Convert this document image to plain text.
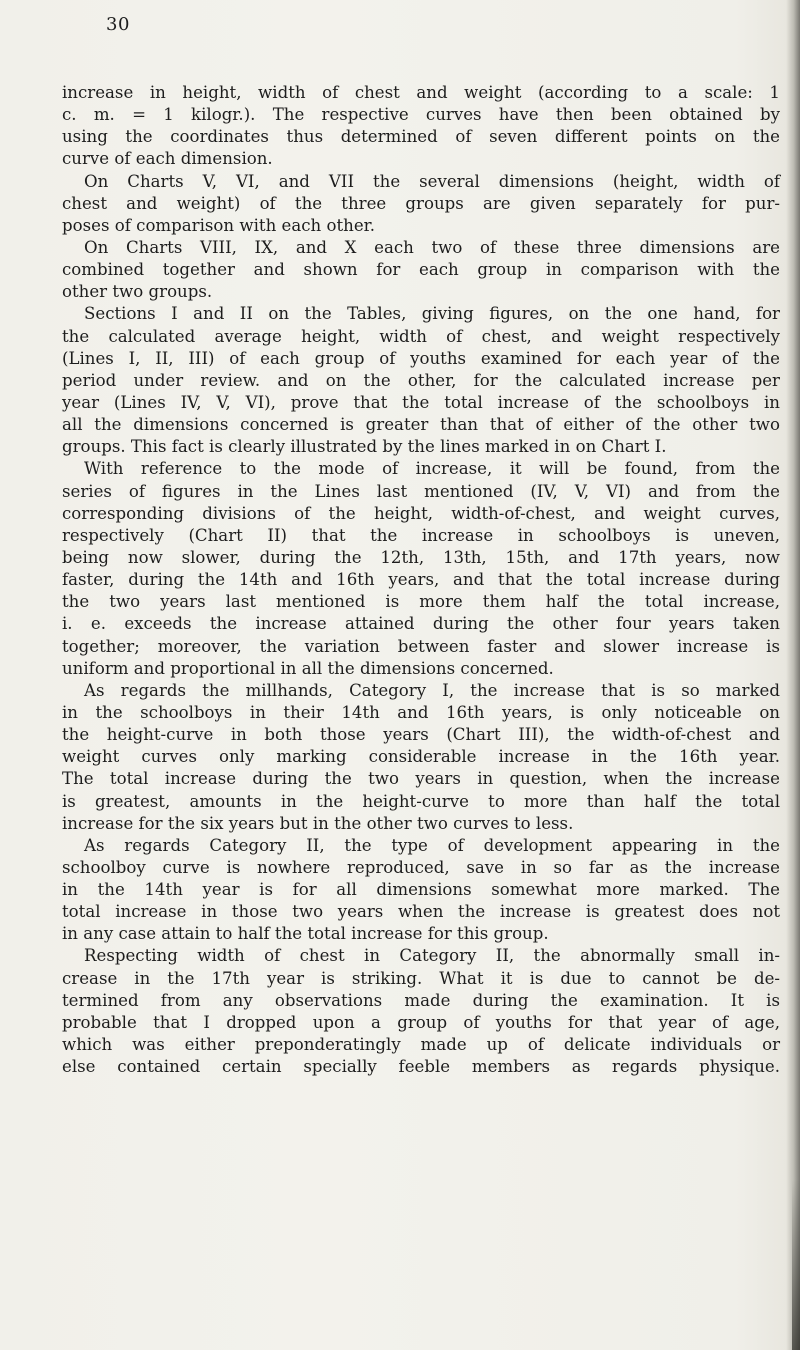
30
increase in height, width of chest and weight (according to a scale: 1
c. m. = 1 kilogr.). The respective curves have then been obtained by
using the coordinates thus determined of seven different points on the
curve of each dimension.
On Charts V, VI, and VII the several dimensions (height, width of
chest and weight) of the three groups are given separately for pur-
poses of comparison with each other.
On Charts VIII, IX, and X each two of these three dimensions are
combined together and shown for each group in comparison with the
other two groups.
Sections I and II on the Tables, giving figures, on the one hand, for
the calculated average height, width of chest, and weight respectively
(Lines I, II, III) of each group of youths examined for each year of the
period under review. and on the other, for the calculated increase per
year (Lines IV, V, VI), prove that the total increase of the schoolboys in
all the dimensions concerned is greater than that of either of the other two
groups. This fact is clearly illustrated by the lines marked in on Chart I.
With reference to the mode of increase, it will be found, from the
series of figures in the Lines last mentioned (IV, V, VI) and from the
corresponding divisions of the height, width-of-chest, and weight curves,
respectively (Chart II) that the increase in schoolboys is uneven,
being now slower, during the 12th, 13th, 15th, and 17th years, now
faster, during the 14th and 16th years, and that the total increase during
the two years last mentioned is more them half the total increase,
i. e. exceeds the increase attained during the other four years taken
together; moreover, the variation between faster and slower increase is
uniform and proportional in all the dimensions concerned.
As regards the millhands, Category I, the increase that is so marked
in the schoolboys in their 14th and 16th years, is only noticeable on
the height-curve in both those years (Chart III), the width-of-chest and
weight curves only marking considerable increase in the 16th year.
The total increase during the two years in question, when the increase
is greatest, amounts in the height-curve to more than half the total
increase for the six years but in the other two curves to less.
As regards Category II, the type of development appearing in the
schoolboy curve is nowhere reproduced, save in so far as the increase
in the 14th year is for all dimensions somewhat more marked. The
total increase in those two years when the increase is greatest does not
in any case attain to half the total increase for this group.
Respecting width of chest in Category II, the abnormally small in-
crease in the 17th year is striking. What it is due to cannot be de-
termined from any observations made during the examination. It is
probable that I dropped upon a group of youths for that year of age,
which was either preponderatingly made up of delicate individuals or
else contained certain specially feeble members as regards physique.
